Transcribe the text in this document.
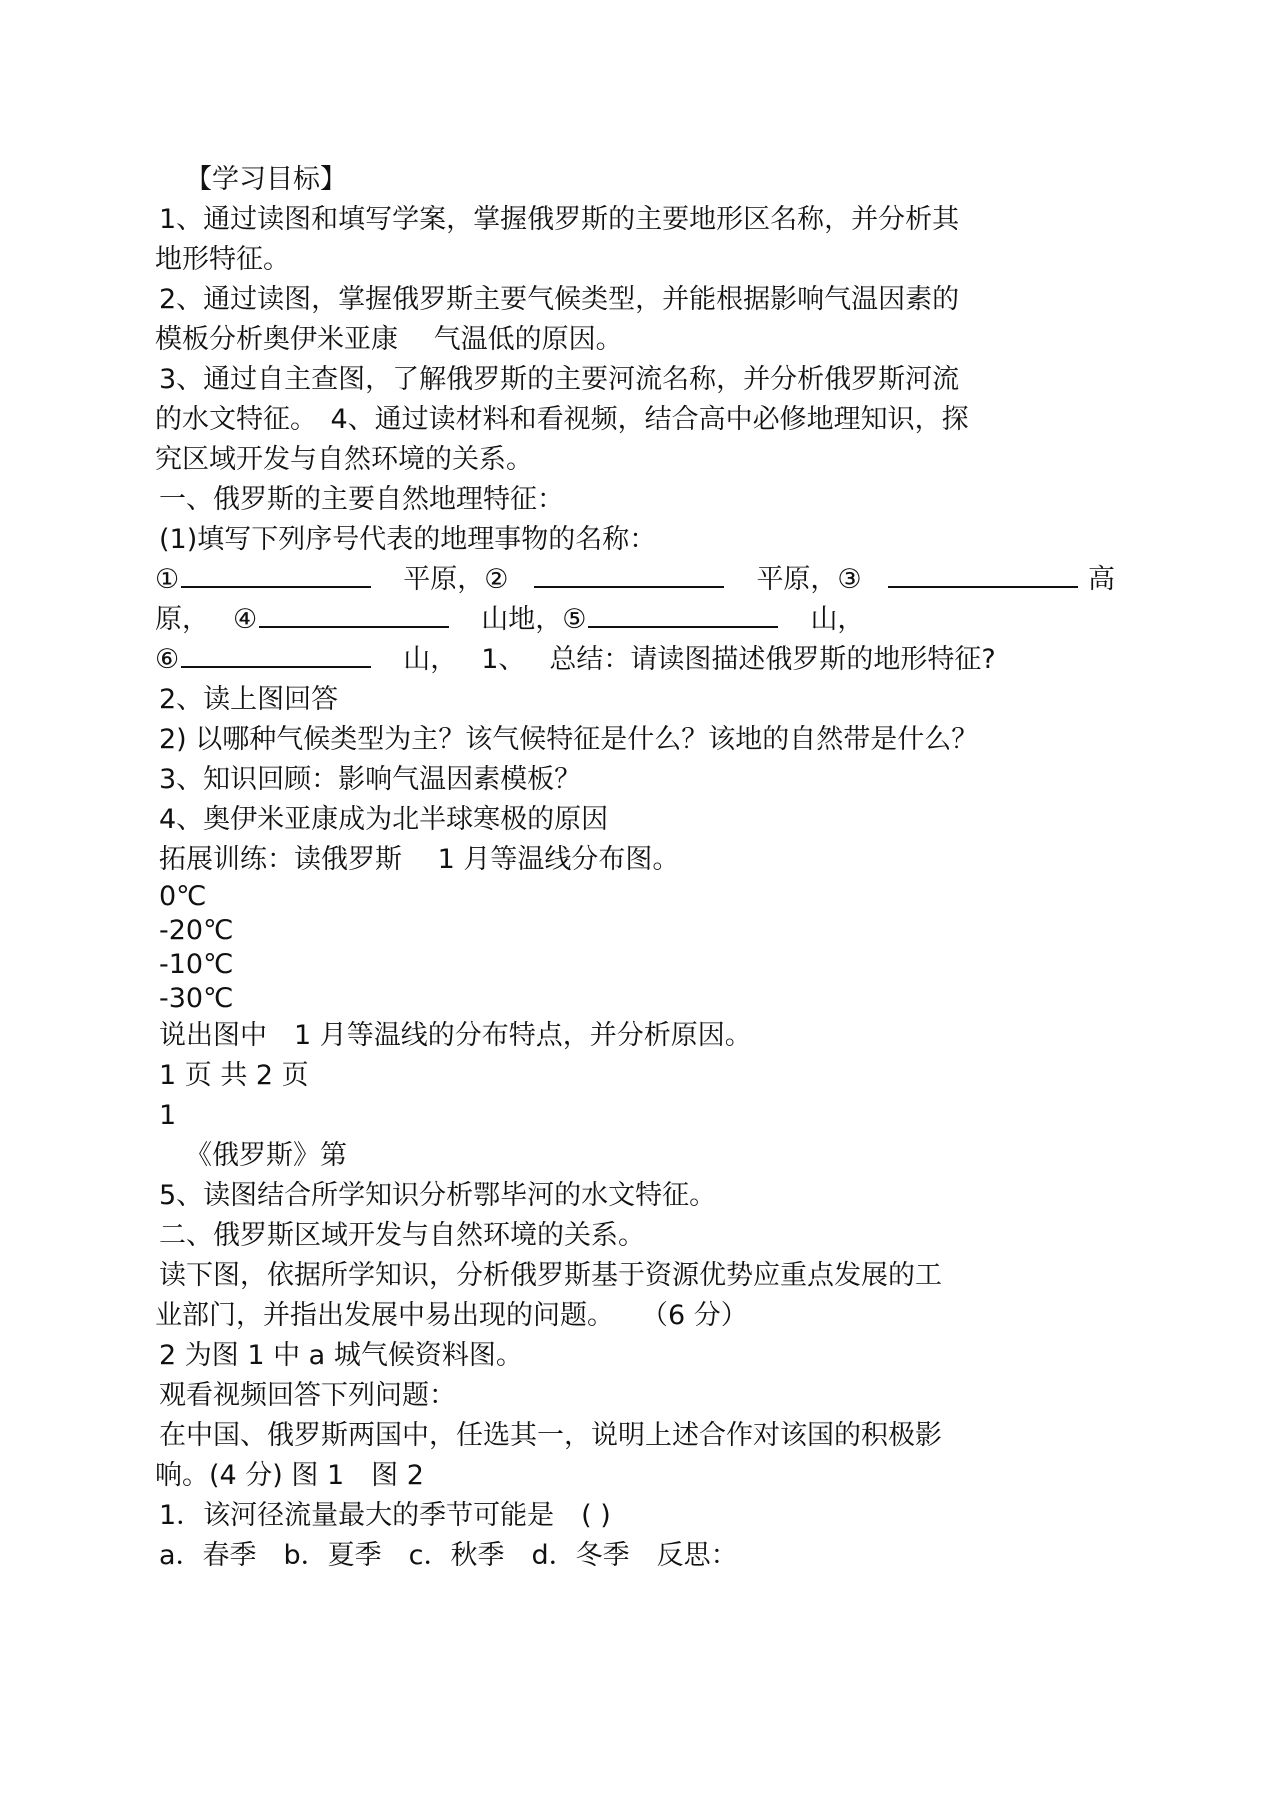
【学习目标】
1、通过读图和填写学案，掌握俄罗斯的主要地形区名称，并分析其
地形特征。
2、通过读图，掌握俄罗斯主要气候类型，并能根据影响气温因素的
模板分析奥伊米亚康　 气温低的原因。
3、通过自主查图，了解俄罗斯的主要河流名称，并分析俄罗斯河流
的水文特征。　4、通过读材料和看视频，结合高中必修地理知识，探
究区域开发与自然环境的关系。
一、俄罗斯的主要自然地理特征：
(1)填写下列序号代表的地理事物的名称：
①	平原，②	平原，③	高
原， ④	山地，⑤	山，
⑥	山， 1、 总结：请读图描述俄罗斯的地形特征?
2、读上图回答
2) 以哪种气候类型为主？该气候特征是什么？该地的自然带是什么？
3、知识回顾：影响气温因素模板？
4、奥伊米亚康成为北半球寒极的原因
拓展训练：读俄罗斯　 1 月等温线分布图。
0℃
-20℃
-10℃
-30℃
说出图中　1 月等温线的分布特点，并分析原因。
1 页 共 2 页
1
《俄罗斯》第
5、读图结合所学知识分析鄂毕河的水文特征。
二、俄罗斯区域开发与自然环境的关系。
读下图，依据所学知识，分析俄罗斯基于资源优势应重点发展的工
业部门，并指出发展中易出现的问题。　　（6 分）
2 为图 1 中 a 城气候资料图。
观看视频回答下列问题：
在中国、俄罗斯两国中，任选其一，说明上述合作对该国的积极影
响。(4 分) 图 1　图 2
1．该河径流量最大的季节可能是　( )
a．春季　b．夏季　c．秋季　d．冬季　反思：
